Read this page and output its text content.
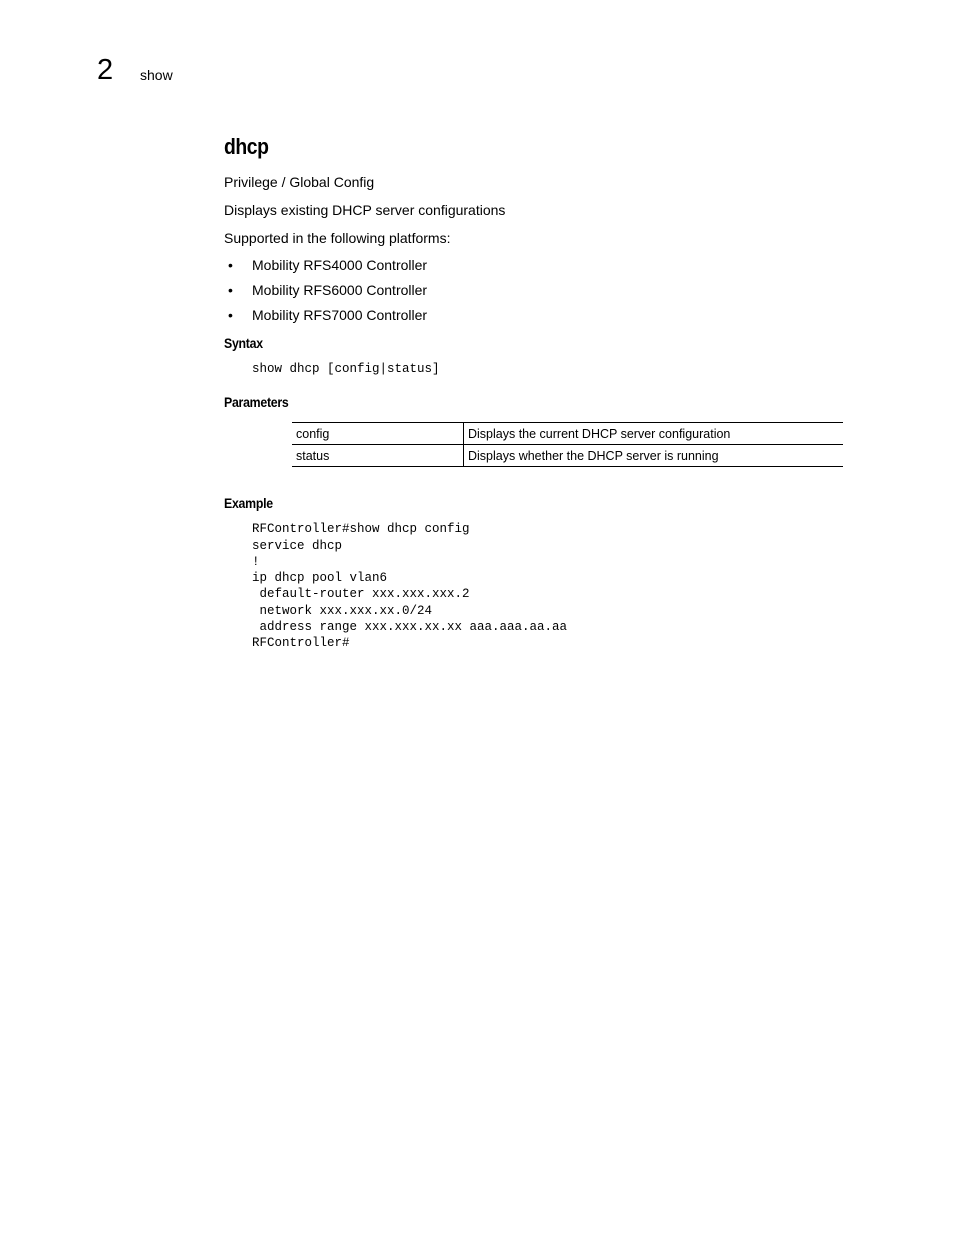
2 show
dhcp

Privilege / Global Config

Displays existing DHCP server configurations

Supported in the following platforms:

• Mobility RFS4000 Controller
• Mobility RFS6000 Controller
• Mobility RFS7000 Controller
Syntax
show dhcp [config|status]
Parameters
config	Displays the current DHCP server configuration
status	Displays whether the DHCP server is running
Example
RFController#show dhcp config
service dhcp
!
ip dhcp pool vlan6
default-router xxx.xxx.xxx.2
network xxx.xxx.xx.0/24
address range xxx.xxx.xx.xx aaa.aaa.aa.aa
RFController#
